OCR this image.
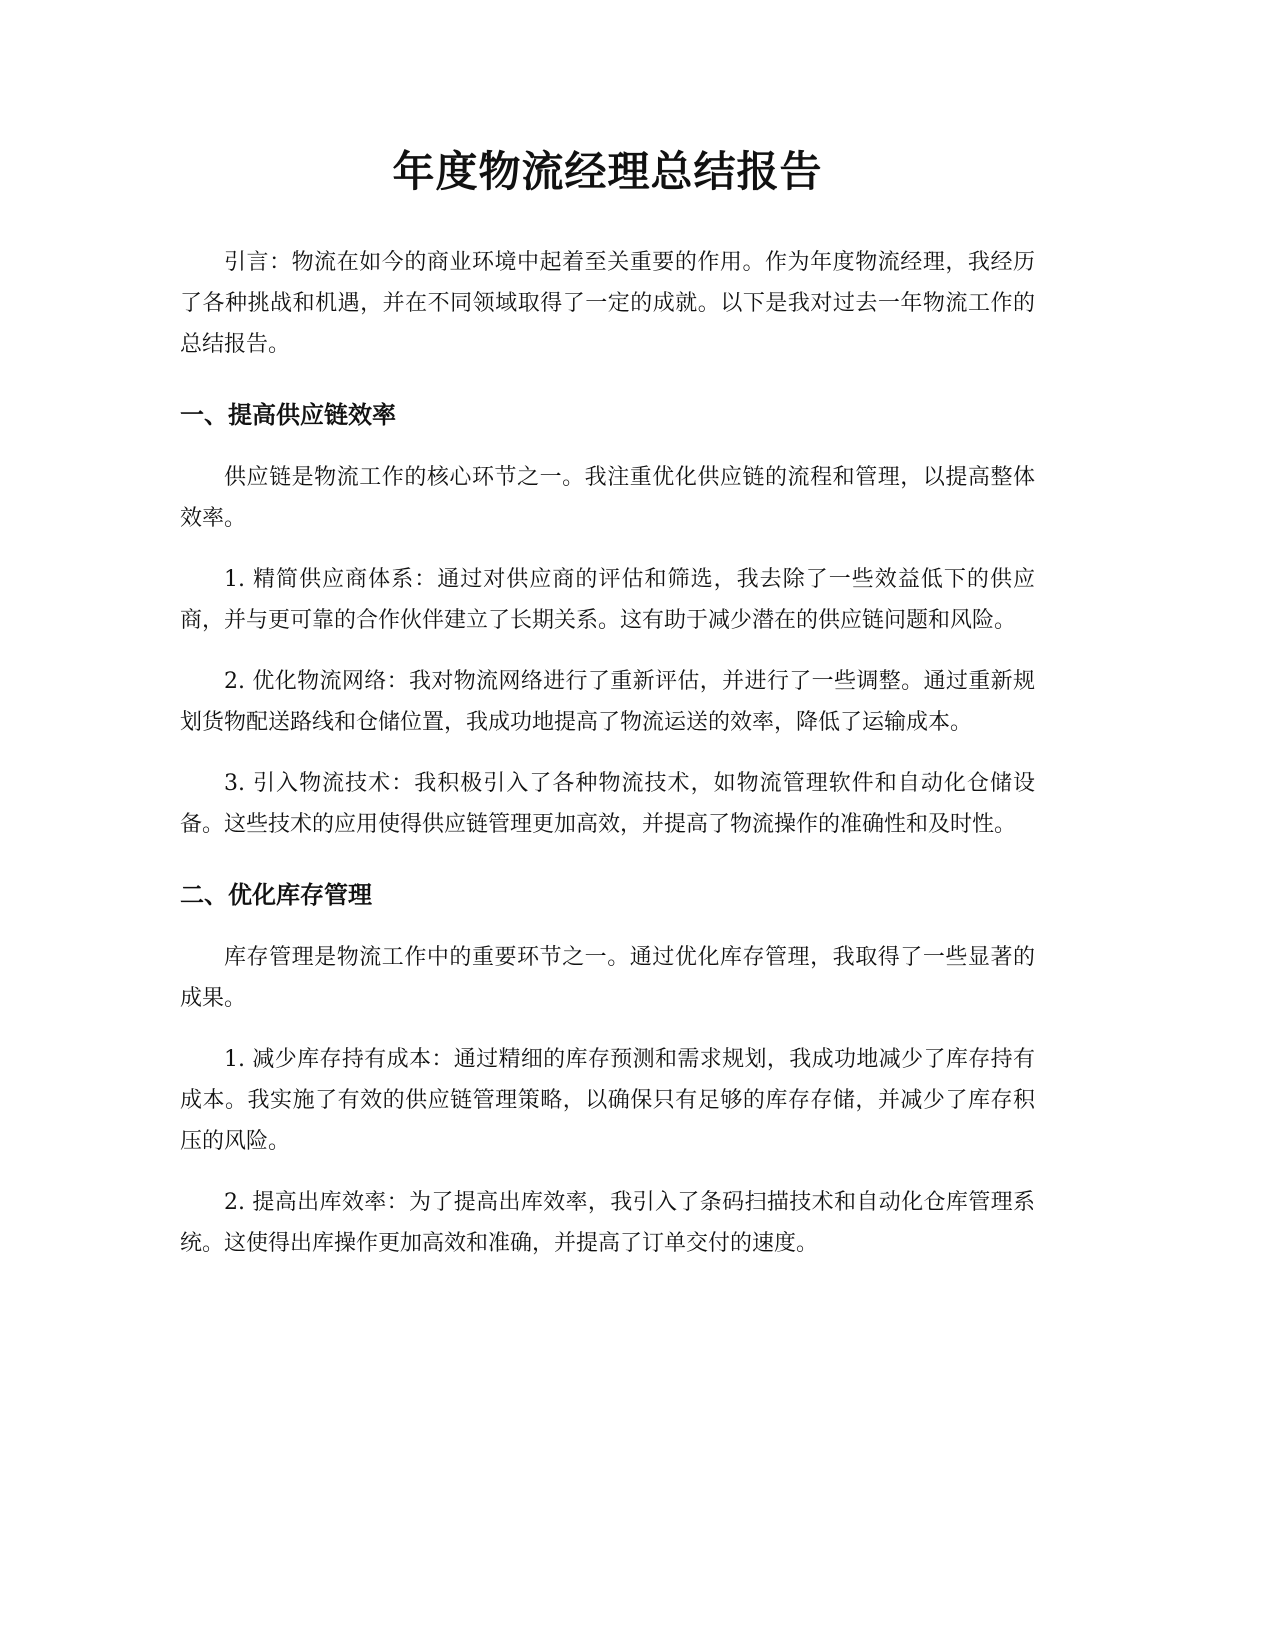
年度物流经理总结报告

引言：物流在如今的商业环境中起着至关重要的作用。作为年度物流经理，我经历了各种挑战和机遇，并在不同领域取得了一定的成就。以下是我对过去一年物流工作的总结报告。

一、提高供应链效率

供应链是物流工作的核心环节之一。我注重优化供应链的流程和管理，以提高整体效率。

1. 精简供应商体系：通过对供应商的评估和筛选，我去除了一些效益低下的供应商，并与更可靠的合作伙伴建立了长期关系。这有助于减少潜在的供应链问题和风险。

2. 优化物流网络：我对物流网络进行了重新评估，并进行了一些调整。通过重新规划货物配送路线和仓储位置，我成功地提高了物流运送的效率，降低了运输成本。

3. 引入物流技术：我积极引入了各种物流技术，如物流管理软件和自动化仓储设备。这些技术的应用使得供应链管理更加高效，并提高了物流操作的准确性和及时性。

二、优化库存管理

库存管理是物流工作中的重要环节之一。通过优化库存管理，我取得了一些显著的成果。

1. 减少库存持有成本：通过精细的库存预测和需求规划，我成功地减少了库存持有成本。我实施了有效的供应链管理策略，以确保只有足够的库存存储，并减少了库存积压的风险。

2. 提高出库效率：为了提高出库效率，我引入了条码扫描技术和自动化仓库管理系统。这使得出库操作更加高效和准确，并提高了订单交付的速度。
